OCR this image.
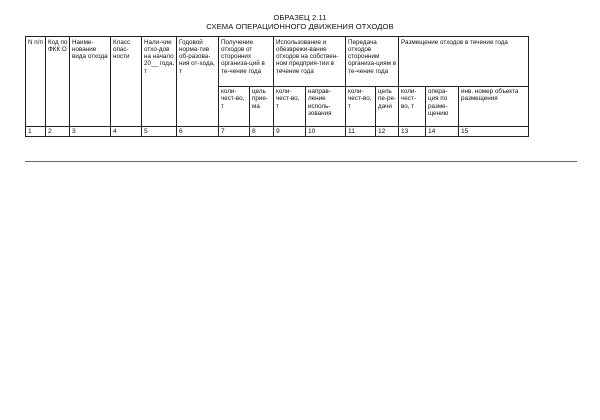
ОБРАЗЕЦ 2.11
СХЕМА ОПЕРАЦИОННОГО ДВИЖЕНИЯ ОТХОДОВ
N п/п	Код по ФКК О	Наиме-нование вида отхода	Класс опас-ности	Нали-чие отхо-дов на начало 20__ года, т	Годовой норма-тив об-разова-ния от-хода, т	Получение отходов от сторонних организа-ций в те-чение года		Использование и обезврежи-вание отходов на собствен-ном предприя-тии в течение года		Передача отходов сторонним организа-циям в те-чение года		Размещение отходов в течение года		
						коли-чест-во, т	цель прие-ма	коли-чест-во, т	направ-ление исполь-зования	коли-чест-во, т	цель пе-ре-дачи	коли-чест-во, т	опера-ция по разме-щению	инв. номер объекта размещения
1	2	3	4	5	6	7	8	9	10	11	12	13	14	15
